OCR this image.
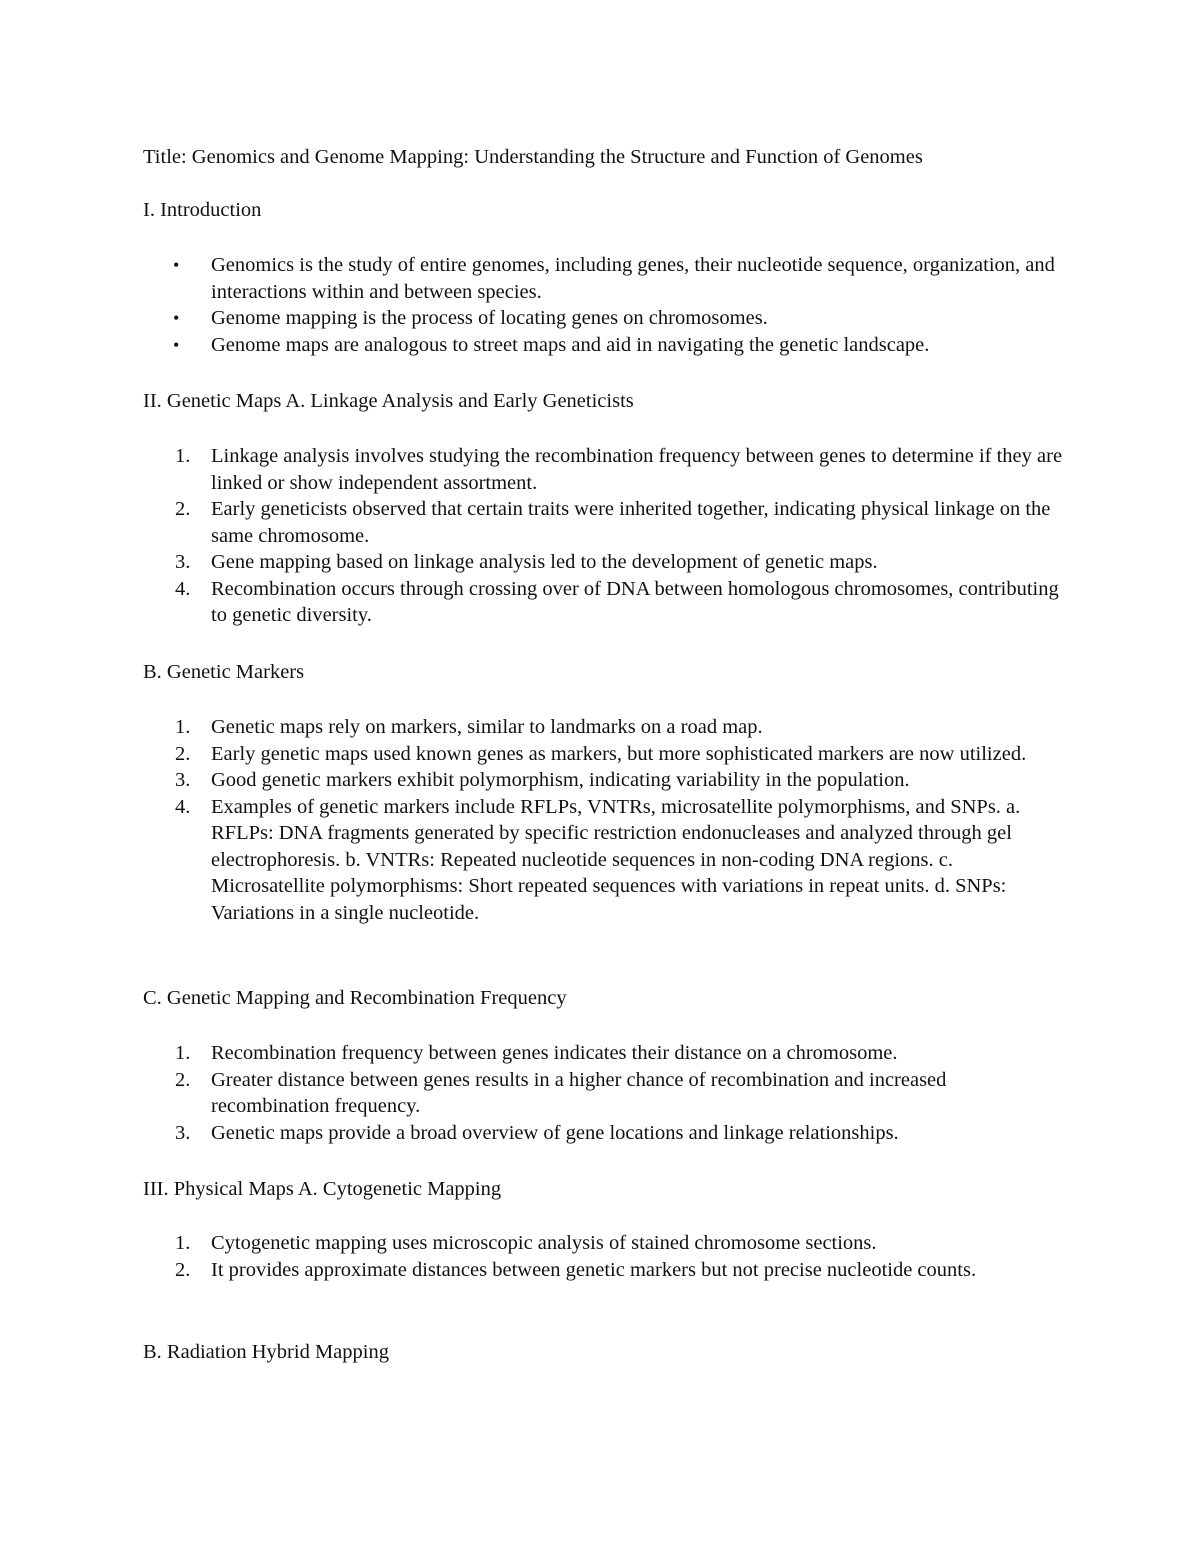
Title: Genomics and Genome Mapping: Understanding the Structure and Function of Genomes

I. Introduction

•	Genomics is the study of entire genomes, including genes, their nucleotide sequence, organization, and interactions within and between species.
•	Genome mapping is the process of locating genes on chromosomes.
•	Genome maps are analogous to street maps and aid in navigating the genetic landscape.

II. Genetic Maps A. Linkage Analysis and Early Geneticists

1.	Linkage analysis involves studying the recombination frequency between genes to determine if they are linked or show independent assortment.
2.	Early geneticists observed that certain traits were inherited together, indicating physical linkage on the same chromosome.
3.	Gene mapping based on linkage analysis led to the development of genetic maps.
4.	Recombination occurs through crossing over of DNA between homologous chromosomes, contributing to genetic diversity.

B. Genetic Markers

1.	Genetic maps rely on markers, similar to landmarks on a road map.
2.	Early genetic maps used known genes as markers, but more sophisticated markers are now utilized.
3.	Good genetic markers exhibit polymorphism, indicating variability in the population.
4.	Examples of genetic markers include RFLPs, VNTRs, microsatellite polymorphisms, and SNPs. a. RFLPs: DNA fragments generated by specific restriction endonucleases and analyzed through gel electrophoresis. b. VNTRs: Repeated nucleotide sequences in non-coding DNA regions. c. Microsatellite polymorphisms: Short repeated sequences with variations in repeat units. d. SNPs: Variations in a single nucleotide.

C. Genetic Mapping and Recombination Frequency

1.	Recombination frequency between genes indicates their distance on a chromosome.
2.	Greater distance between genes results in a higher chance of recombination and increased recombination frequency.
3.	Genetic maps provide a broad overview of gene locations and linkage relationships.

III. Physical Maps A. Cytogenetic Mapping

1.	Cytogenetic mapping uses microscopic analysis of stained chromosome sections.
2.	It provides approximate distances between genetic markers but not precise nucleotide counts.

B. Radiation Hybrid Mapping
